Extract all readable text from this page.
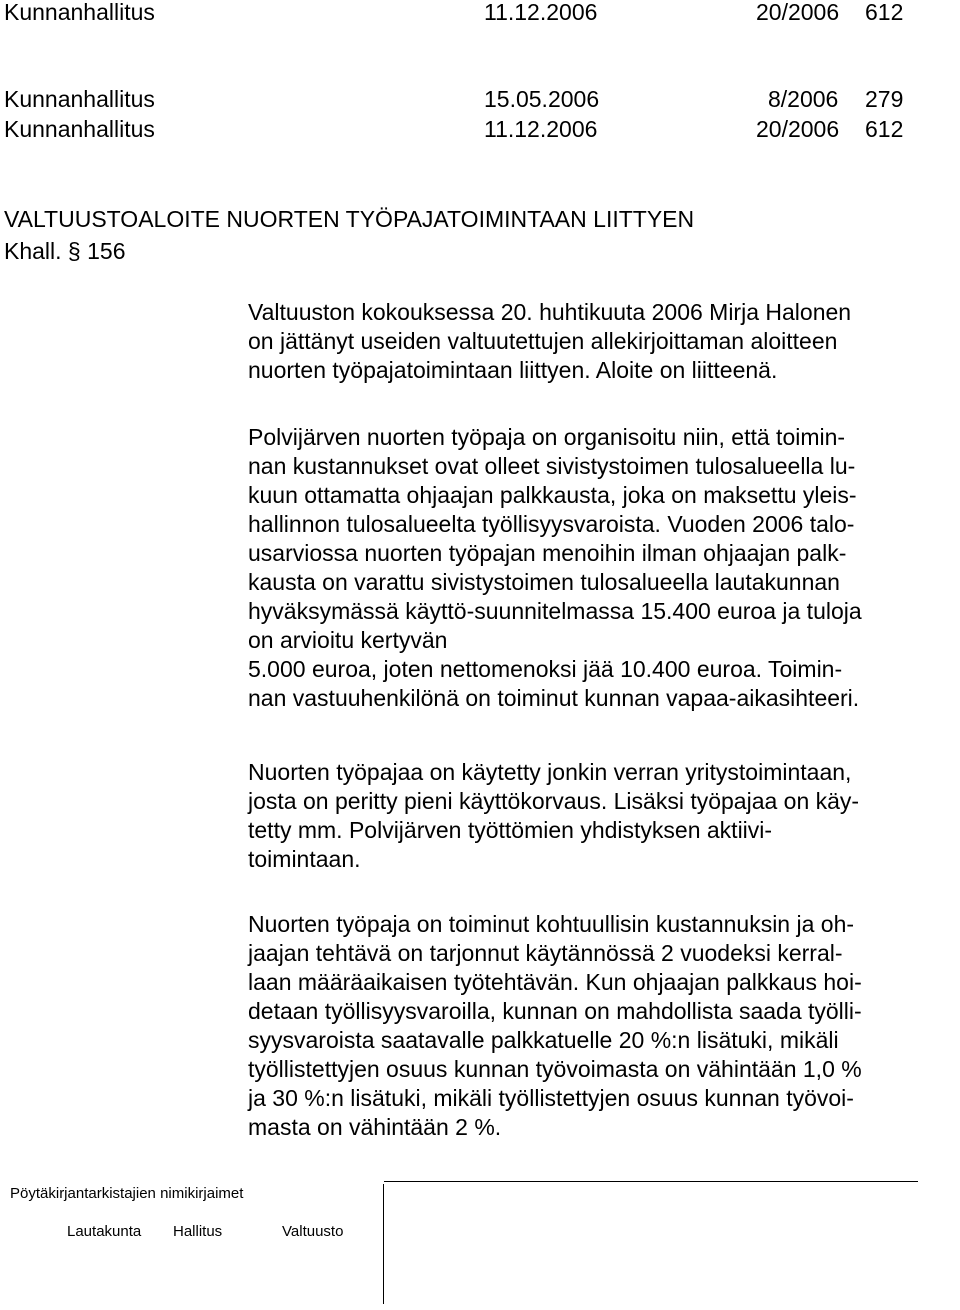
Kunnanhallitus	11.12.2006	20/2006 612
Kunnanhallitus	15.05.2006	8/2006 279
Kunnanhallitus	11.12.2006	20/2006 612
VALTUUSTOALOITE NUORTEN TYÖPAJATOIMINTAAN LIITTYEN
Khall. § 156
Valtuuston kokouksessa 20. huhtikuuta 2006 Mirja Halonen
on jättänyt useiden valtuutettujen allekirjoittaman aloitteen
nuorten työpajatoimintaan liittyen. Aloite on liitteenä.
Polvijärven nuorten työpaja on organisoitu niin, että toimin-
nan kustannukset ovat olleet sivistystoimen tulosalueella lu-
kuun ottamatta ohjaajan palkkausta, joka on maksettu yleis-
hallinnon tulosalueelta työllisyysvaroista. Vuoden 2006 talo-
usarviossa nuorten työpajan menoihin ilman ohjaajan palk-
kausta on varattu sivistystoimen tulosalueella lautakunnan
hyväksymässä käyttö-suunnitelmassa 15.400 euroa ja tuloja
on arvioitu kertyvän
5.000 euroa, joten nettomenoksi jää 10.400 euroa. Toimin-
nan vastuuhenkilönä on toiminut kunnan vapaa-aikasihteeri.
Nuorten työpajaa on käytetty jonkin verran yritystoimintaan,
josta on peritty pieni käyttökorvaus. Lisäksi työpajaa on käy-
tetty mm. Polvijärven työttömien yhdistyksen aktiivi-
toimintaan.
Nuorten työpaja on toiminut kohtuullisin kustannuksin ja oh-
jaajan tehtävä on tarjonnut käytännössä 2 vuodeksi kerral-
laan määräaikaisen työtehtävän. Kun ohjaajan palkkaus hoi-
detaan työllisyysvaroilla, kunnan on mahdollista saada työlli-
syysvaroista saatavalle palkkatuelle 20 %:n lisätuki, mikäli
työllistettyjen osuus kunnan työvoimasta on vähintään 1,0 %
ja 30 %:n lisätuki, mikäli työllistettyjen osuus kunnan työvoi-
masta on vähintään 2 %.
Pöytäkirjantarkistajien nimikirjaimet
Lautakunta Hallitus	Valtuusto
